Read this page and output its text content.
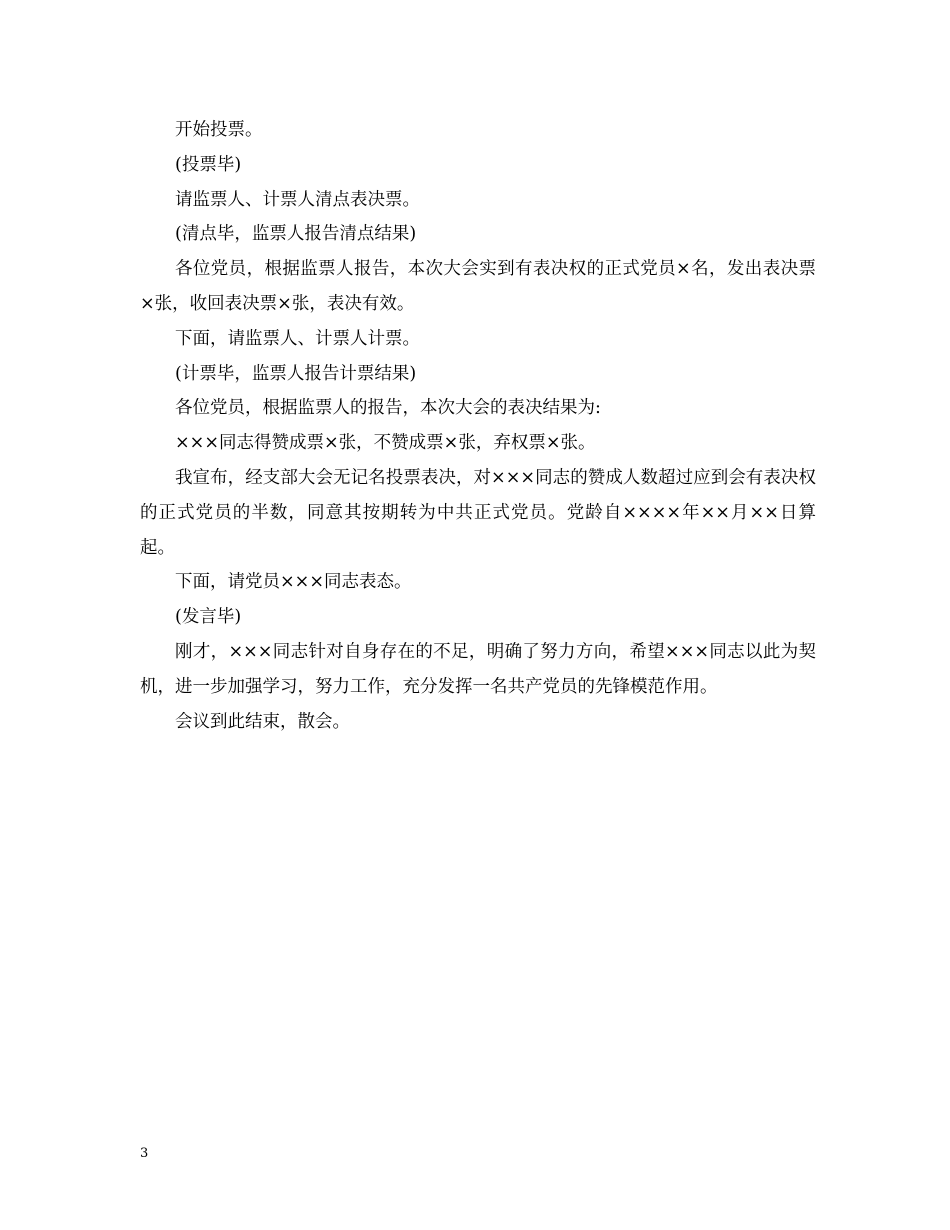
开始投票。

(投票毕)

请监票人、计票人清点表决票。

(清点毕，监票人报告清点结果)

各位党员，根据监票人报告，本次大会实到有表决权的正式党员×名，发出表决票×张，收回表决票×张，表决有效。

下面，请监票人、计票人计票。

(计票毕，监票人报告计票结果)

各位党员，根据监票人的报告，本次大会的表决结果为:

×××同志得赞成票×张，不赞成票×张，弃权票×张。

我宣布，经支部大会无记名投票表决，对×××同志的赞成人数超过应到会有表决权的正式党员的半数，同意其按期转为中共正式党员。党龄自××××年××月××日算起。

下面，请党员×××同志表态。

(发言毕)

刚才，×××同志针对自身存在的不足，明确了努力方向，希望×××同志以此为契机，进一步加强学习，努力工作，充分发挥一名共产党员的先锋模范作用。

会议到此结束，散会。

3
